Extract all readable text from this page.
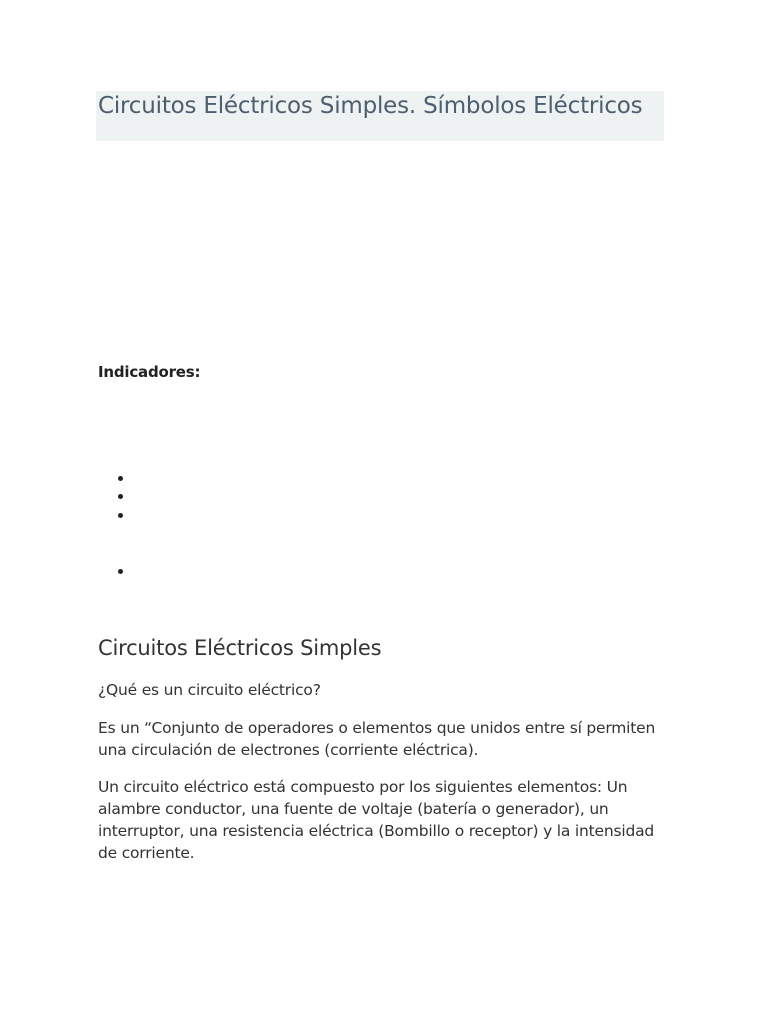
Circuitos Eléctricos Simples. Símbolos Eléctricos
Indicadores:
Circuitos Eléctricos Simples

¿Qué es un circuito eléctrico?

Es un “Conjunto de operadores o elementos que unidos entre sí permiten una circulación de electrones (corriente eléctrica).

Un circuito eléctrico está compuesto por los siguientes elementos: Un alambre conductor, una fuente de voltaje (batería o generador), un interruptor, una resistencia eléctrica (Bombillo o receptor) y la intensidad de corriente.
